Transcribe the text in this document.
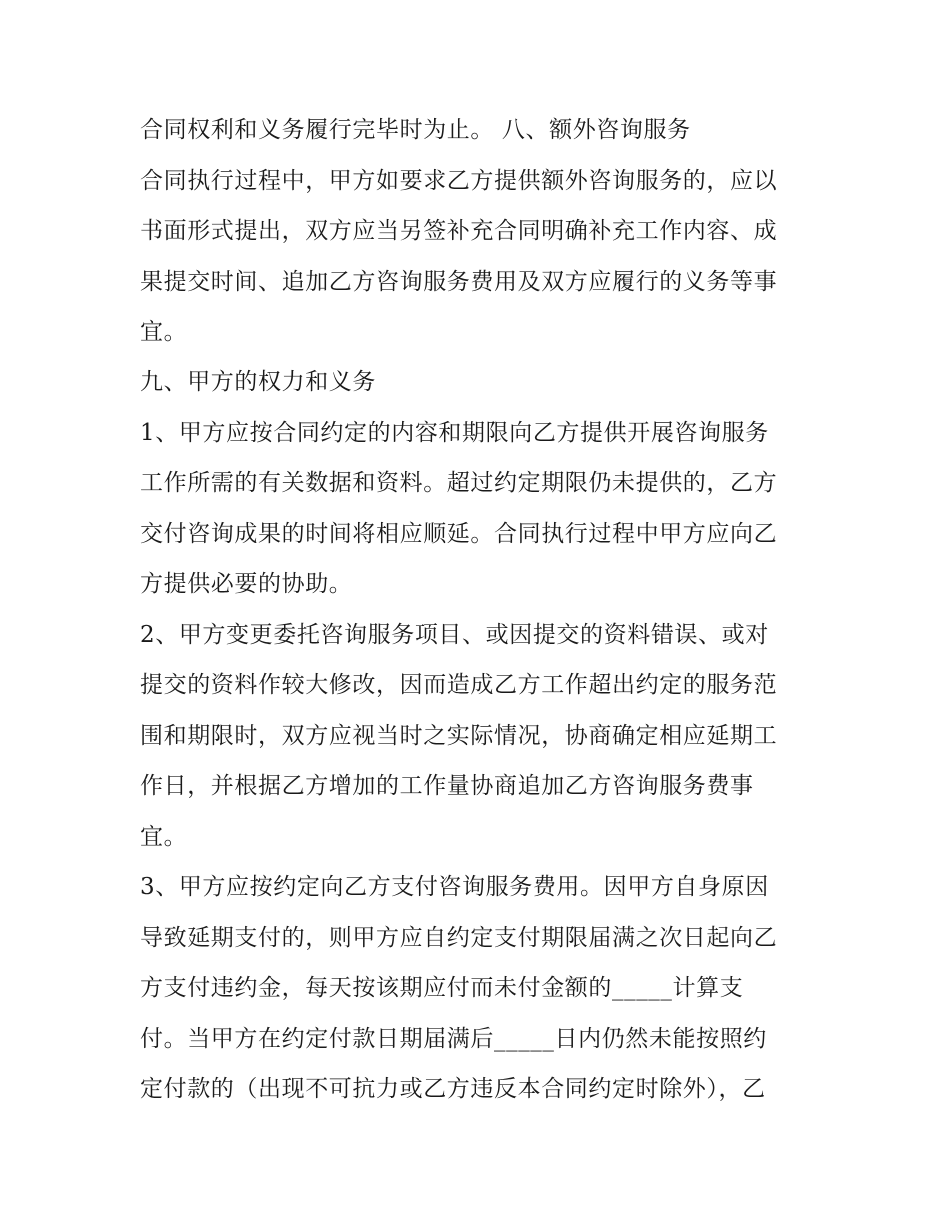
合同权利和义务履行完毕时为止。 八、额外咨询服务
合同执行过程中，甲方如要求乙方提供额外咨询服务的，应以
书面形式提出，双方应当另签补充合同明确补充工作内容、成
果提交时间、追加乙方咨询服务费用及双方应履行的义务等事
宜。
九、甲方的权力和义务
1、甲方应按合同约定的内容和期限向乙方提供开展咨询服务
工作所需的有关数据和资料。超过约定期限仍未提供的，乙方
交付咨询成果的时间将相应顺延。合同执行过程中甲方应向乙
方提供必要的协助。
2、甲方变更委托咨询服务项目、或因提交的资料错误、或对
提交的资料作较大修改，因而造成乙方工作超出约定的服务范
围和期限时，双方应视当时之实际情况，协商确定相应延期工
作日，并根据乙方增加的工作量协商追加乙方咨询服务费事
宜。
3、甲方应按约定向乙方支付咨询服务费用。因甲方自身原因
导致延期支付的，则甲方应自约定支付期限届满之次日起向乙
方支付违约金，每天按该期应付而未付金额的_____计算支
付。当甲方在约定付款日期届满后_____日内仍然未能按照约
定付款的（出现不可抗力或乙方违反本合同约定时除外），乙
